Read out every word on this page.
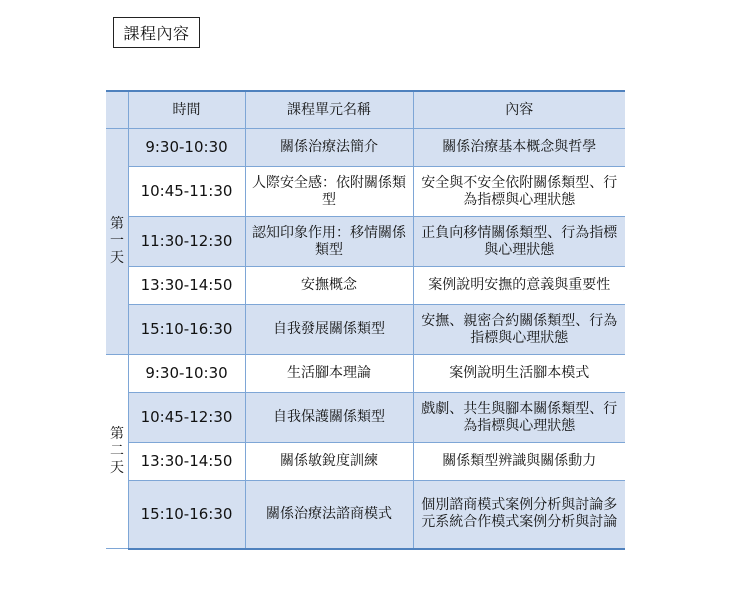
課程內容
	時間	課程單元名稱	內容

第
一
天	9:30-10:30	關係治療法簡介	關係治療基本概念與哲學
	10:45-11:30	人際安全感：依附關係類型	安全與不安全依附關係類型、行為指標與心理狀態
	11:30-12:30	認知印象作用：移情關係類型	正負向移情關係類型、行為指標與心理狀態
	13:30-14:50	安撫概念	案例說明安撫的意義與重要性
	15:10-16:30	自我發展關係類型	安撫、親密合約關係類型、行為指標與心理狀態

第
二
天	9:30-10:30	生活腳本理論	案例說明生活腳本模式
	10:45-12:30	自我保護關係類型	戲劇、共生與腳本關係類型、行為指標與心理狀態
	13:30-14:50	關係敏銳度訓練	關係類型辨識與關係動力
	15:10-16:30	關係治療法諮商模式	個別諮商模式案例分析與討論多元系統合作模式案例分析與討論
